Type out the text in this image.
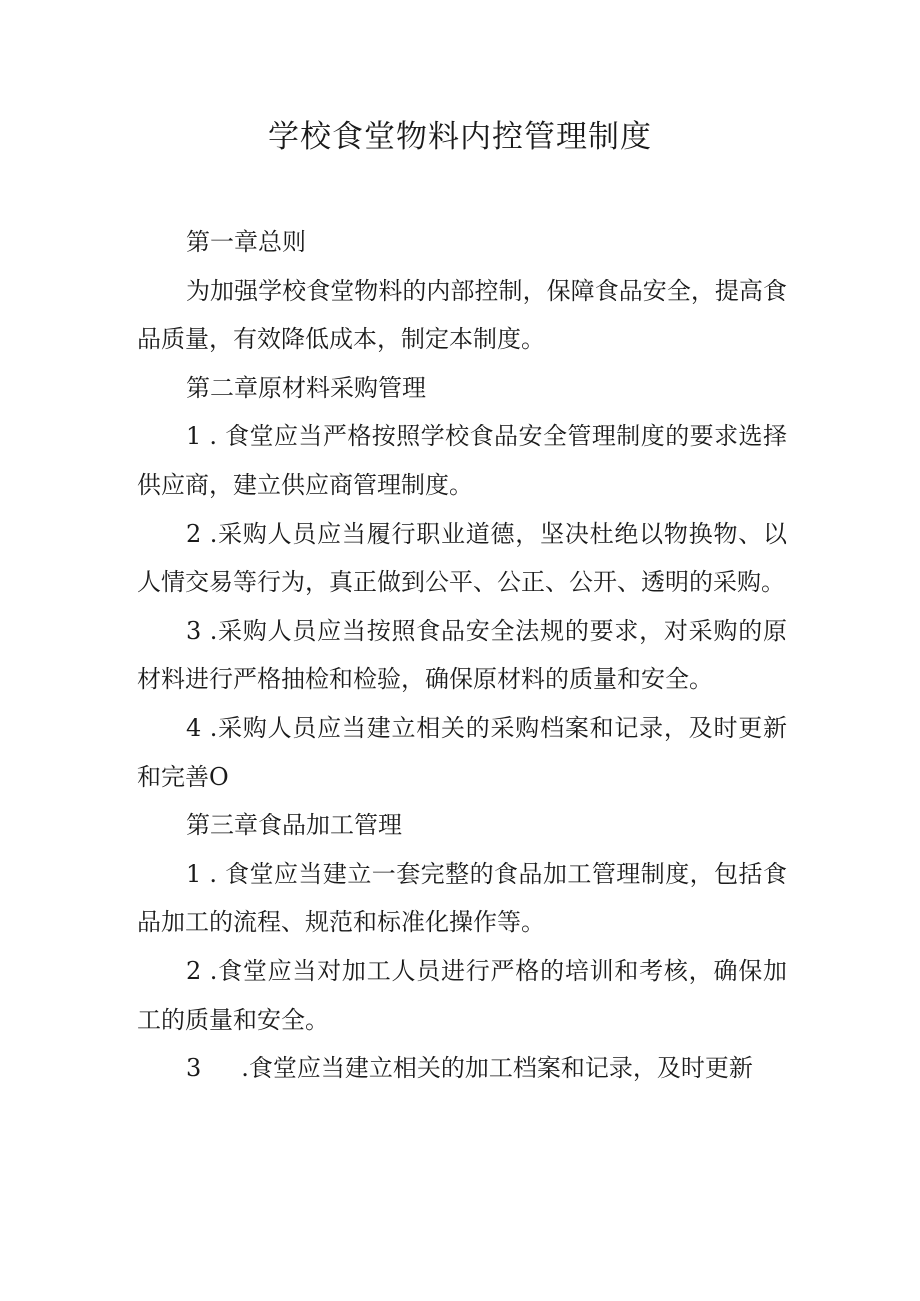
学校食堂物料内控管理制度

第一章总则

为加强学校食堂物料的内部控制，保障食品安全，提高食品质量，有效降低成本，制定本制度。

第二章原材料采购管理

1 . 食堂应当严格按照学校食品安全管理制度的要求选择供应商，建立供应商管理制度。

2 .采购人员应当履行职业道德，坚决杜绝以物换物、以人情交易等行为，真正做到公平、公正、公开、透明的采购。

3 .采购人员应当按照食品安全法规的要求，对采购的原材料进行严格抽检和检验，确保原材料的质量和安全。

4 .采购人员应当建立相关的采购档案和记录，及时更新和完善O

第三章食品加工管理

1 . 食堂应当建立一套完整的食品加工管理制度，包括食品加工的流程、规范和标准化操作等。

2 .食堂应当对加工人员进行严格的培训和考核，确保加工的质量和安全。

3 .食堂应当建立相关的加工档案和记录，及时更新
